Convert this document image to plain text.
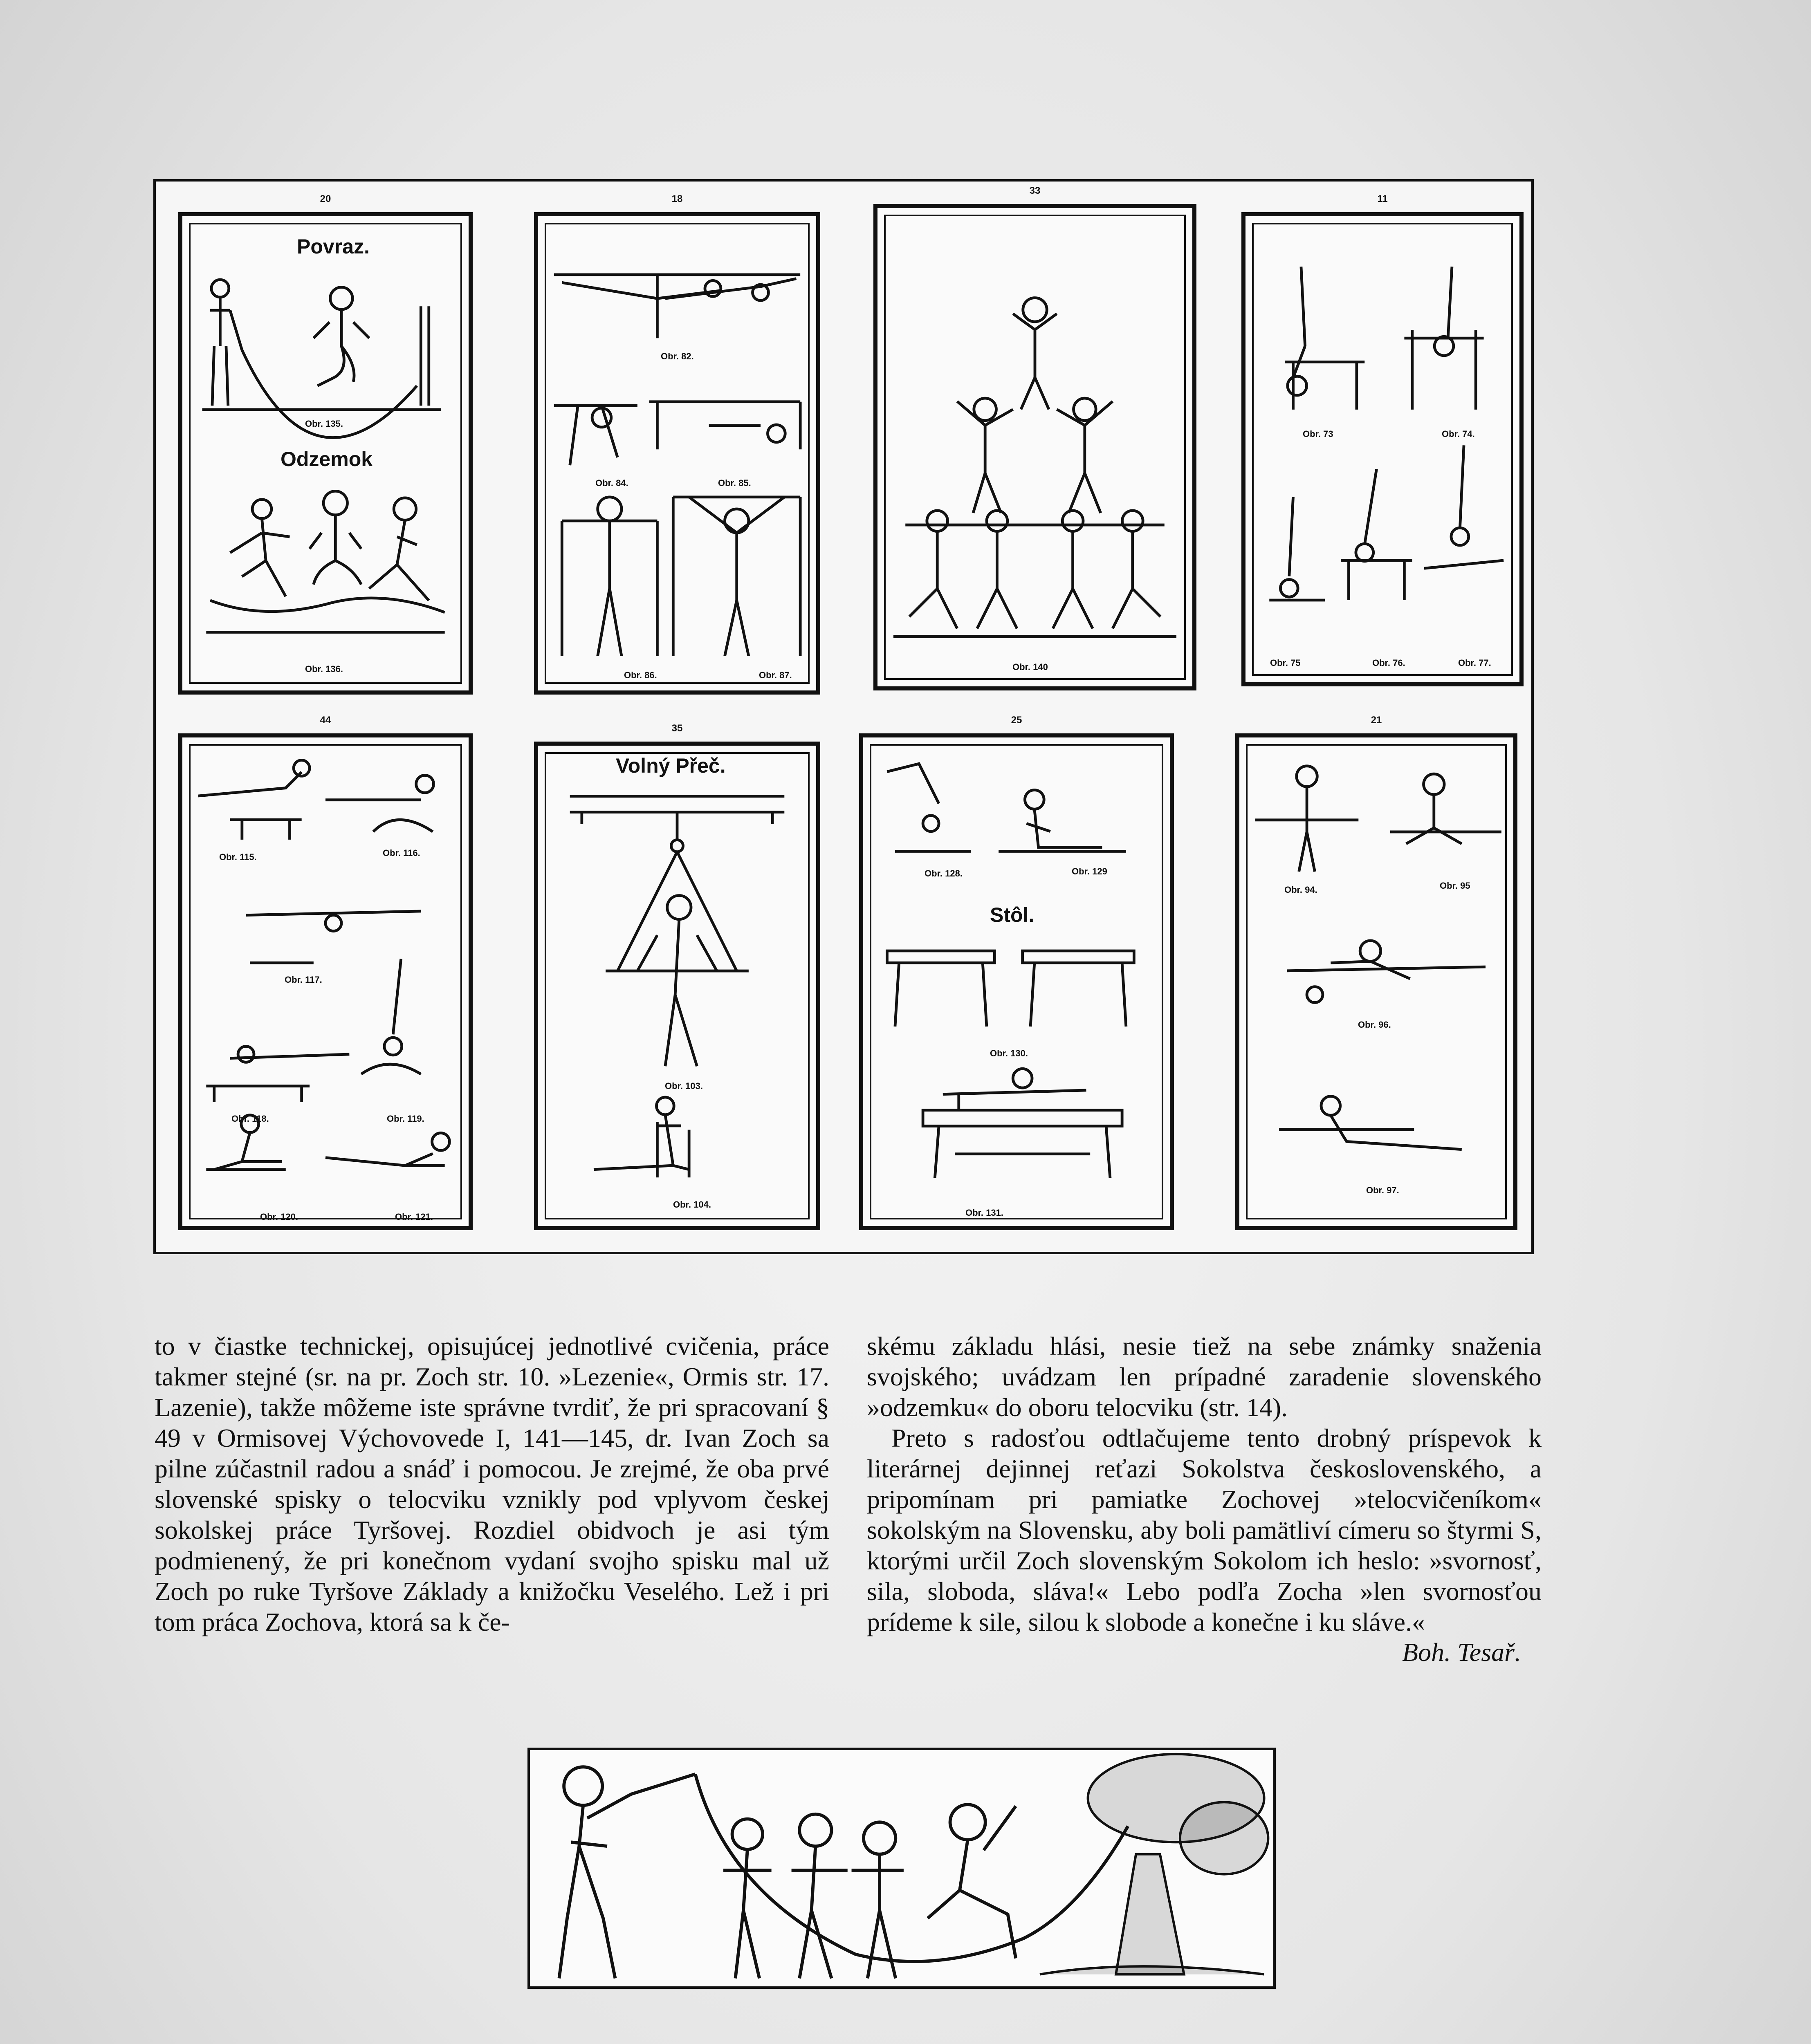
20
Povraz.
Odzemok
Obr. 135.
Obr. 136.
18
Obr. 82.
Obr. 84.	Obr. 85.
Obr. 86.	Obr. 87.
33
Obr. 140
11
Obr. 73	Obr. 74.
Obr. 75	Obr. 76.	Obr. 77.
44
Obr. 115.	Obr. 116.
Obr. 117.
Obr. 118.	Obr. 119.
Obr. 120.	Obr. 121.
35
Volný Přeč.
Obr. 103.
Obr. 104.
25
Stôl.
Obr. 128.	Obr. 129
Obr. 130.
Obr. 131.
21
Obr. 94.	Obr. 95
Obr. 96.
Obr. 97.

to v čiastke technickej, opisujúcej jednotlivé cvičenia, práce takmer stejné (sr. na pr. Zoch str. 10. »Lezenie«, Ormis str. 17. Lazenie), takže môžeme iste správne tvrdiť, že pri spracovaní § 49 v Ormisovej Výchovovede I, 141—145, dr. Ivan Zoch sa pilne zúčastnil radou a snáď i pomocou. Je zrejmé, že oba prvé slovenské spisky o telocviku vznikly pod vplyvom českej sokolskej práce Tyršovej. Rozdiel obidvoch je asi tým podmienený, že pri konečnom vydaní svojho spisku mal už Zoch po ruke Tyršove Základy a knižočku Veselého. Lež i pri tom práca Zochova, ktorá sa k če-

skému základu hlási, nesie tiež na sebe známky snaženia svojského; uvádzam len prípadné zaradenie slovenského »odzemku« do oboru telocviku (str. 14).

Preto s radosťou odtlačujeme tento drobný príspevok k literárnej dejinnej reťazi Sokolstva československého, a pripomínam pri pamiatke Zochovej »telocvičeníkom« sokolským na Slovensku, aby boli pamätliví címeru so štyrmi S, ktorými určil Zoch slovenským Sokolom ich heslo: »svornosť, sila, sloboda, sláva!« Lebo podľa Zocha »len svornosťou prídeme k sile, silou k slobode a konečne i ku sláve.«

Boh. Tesař.
